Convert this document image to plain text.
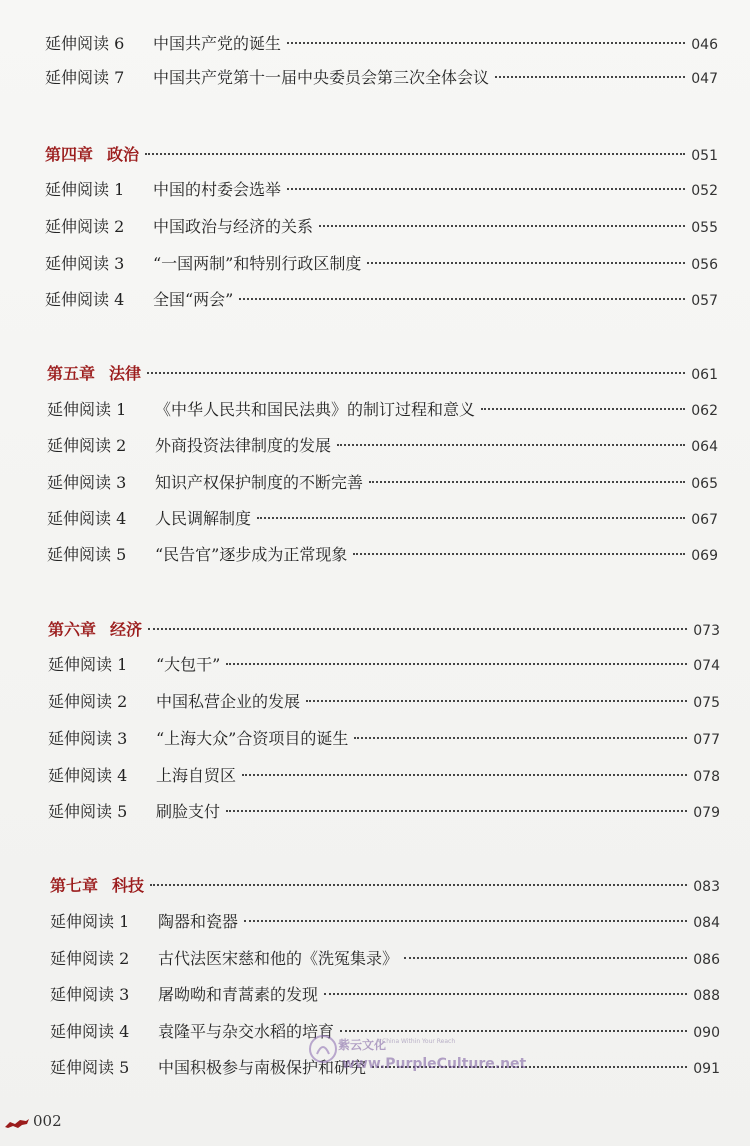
延伸阅读 6	中国共产党的诞生	046
延伸阅读 7	中国共产党第十一届中央委员会第三次全体会议	047
第四章 政治	051
延伸阅读 1	中国的村委会选举	052
延伸阅读 2	中国政治与经济的关系	055
延伸阅读 3	“一国两制”和特别行政区制度	056
延伸阅读 4	全国“两会”	057
第五章 法律	061
延伸阅读 1	《中华人民共和国民法典》的制订过程和意义	062
延伸阅读 2	外商投资法律制度的发展	064
延伸阅读 3	知识产权保护制度的不断完善	065
延伸阅读 4	人民调解制度	067
延伸阅读 5	“民告官”逐步成为正常现象	069
第六章 经济	073
延伸阅读 1	“大包干”	074
延伸阅读 2	中国私营企业的发展	075
延伸阅读 3	“上海大众”合资项目的诞生	077
延伸阅读 4	上海自贸区	078
延伸阅读 5	刷脸支付	079
第七章 科技	083
延伸阅读 1	陶器和瓷器	084
延伸阅读 2	古代法医宋慈和他的《洗冤集录》	086
延伸阅读 3	屠呦呦和青蒿素的发现	088
延伸阅读 4	袁隆平与杂交水稻的培育	090
延伸阅读 5	中国积极参与南极保护和研究	091
紫云文化
A China Within Your Reach
www.PurpleCulture.net
002
